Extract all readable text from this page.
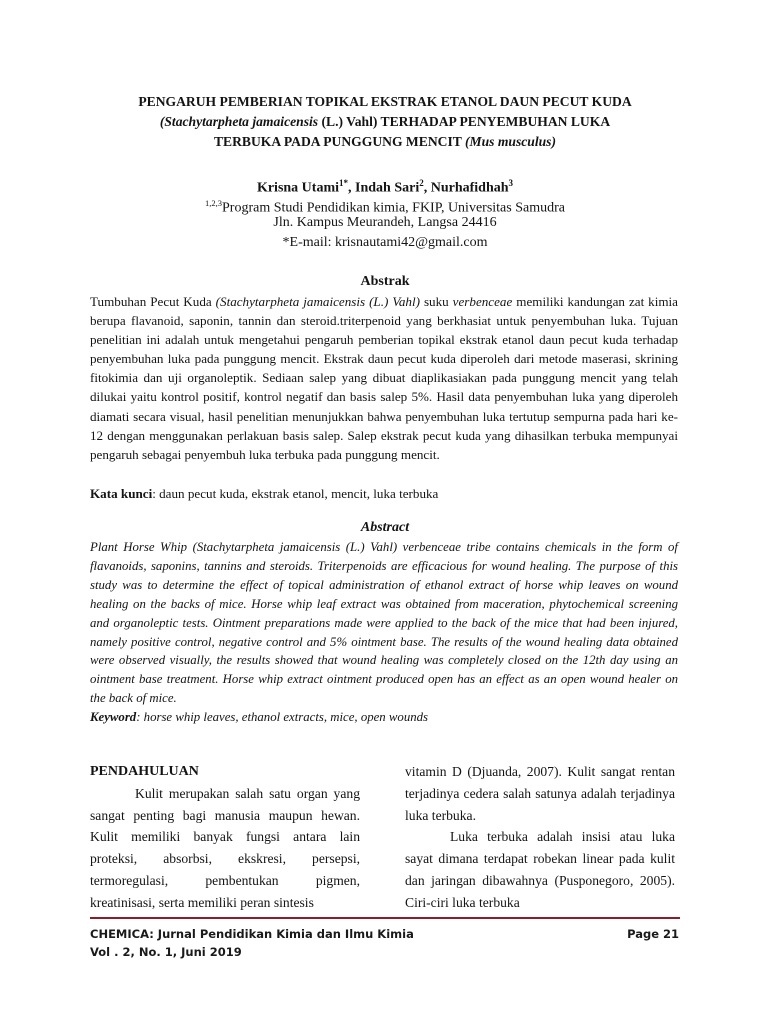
PENGARUH PEMBERIAN TOPIKAL EKSTRAK ETANOL DAUN PECUT KUDA
(Stachytarpheta jamaicensis (L.) Vahl) TERHADAP PENYEMBUHAN LUKA
TERBUKA PADA PUNGGUNG MENCIT (Mus musculus)
Krisna Utami$^{1*}$, Indah Sari$^2$, Nurhafidhah$^3$
$^{1,2,3}$Program Studi Pendidikan kimia, FKIP, Universitas Samudra
Jln. Kampus Meurandeh, Langsa 24416
*E-mail: krisnautami42@gmail.com
Abstrak
Tumbuhan Pecut Kuda (Stachytarpheta jamaicensis (L.) Vahl) suku verbenceae memiliki kandungan zat kimia berupa flavanoid, saponin, tannin dan steroid.triterpenoid yang berkhasiat untuk penyembuhan luka. Tujuan penelitian ini adalah untuk mengetahui pengaruh pemberian topikal ekstrak etanol daun pecut kuda terhadap penyembuhan luka pada punggung mencit. Ekstrak daun pecut kuda diperoleh dari metode maserasi, skrining fitokimia dan uji organoleptik. Sediaan salep yang dibuat diaplikasiakan pada punggung mencit yang telah dilukai yaitu kontrol positif, kontrol negatif dan basis salep 5%. Hasil data penyembuhan luka yang diperoleh diamati secara visual, hasil penelitian menunjukkan bahwa penyembuhan luka tertutup sempurna pada hari ke-12 dengan menggunakan perlakuan basis salep. Salep ekstrak pecut kuda yang dihasilkan terbuka mempunyai pengaruh sebagai penyembuh luka terbuka pada punggung mencit.
Kata kunci: daun pecut kuda, ekstrak etanol, mencit, luka terbuka
Abstract
Plant Horse Whip (Stachytarpheta jamaicensis (L.) Vahl) verbenceae tribe contains chemicals in the form of flavanoids, saponins, tannins and steroids. Triterpenoids are efficacious for wound healing. The purpose of this study was to determine the effect of topical administration of ethanol extract of horse whip leaves on wound healing on the backs of mice. Horse whip leaf extract was obtained from maceration, phytochemical screening and organoleptic tests. Ointment preparations made were applied to the back of the mice that had been injured, namely positive control, negative control and 5% ointment base. The results of the wound healing data obtained were observed visually, the results showed that wound healing was completely closed on the 12th day using an ointment base treatment. Horse whip extract ointment produced open has an effect as an open wound healer on the back of mice.
Keyword: horse whip leaves, ethanol extracts, mice, open wounds
PENDAHULUAN

Kulit merupakan salah satu organ yang sangat penting bagi manusia maupun hewan. Kulit memiliki banyak fungsi antara lain proteksi, absorbsi, ekskresi, persepsi, termoregulasi, pembentukan pigmen, kreatinisasi, serta memiliki peran sintesis

vitamin D (Djuanda, 2007). Kulit sangat rentan terjadinya cedera salah satunya adalah terjadinya luka terbuka.

Luka terbuka adalah insisi atau luka sayat dimana terdapat robekan linear pada kulit dan jaringan dibawahnya (Pusponegoro, 2005). Ciri-ciri luka terbuka

CHEMICA: Jurnal Pendidikan Kimia dan Ilmu Kimia
Vol . 2, No. 1, Juni 2019
Page 21
